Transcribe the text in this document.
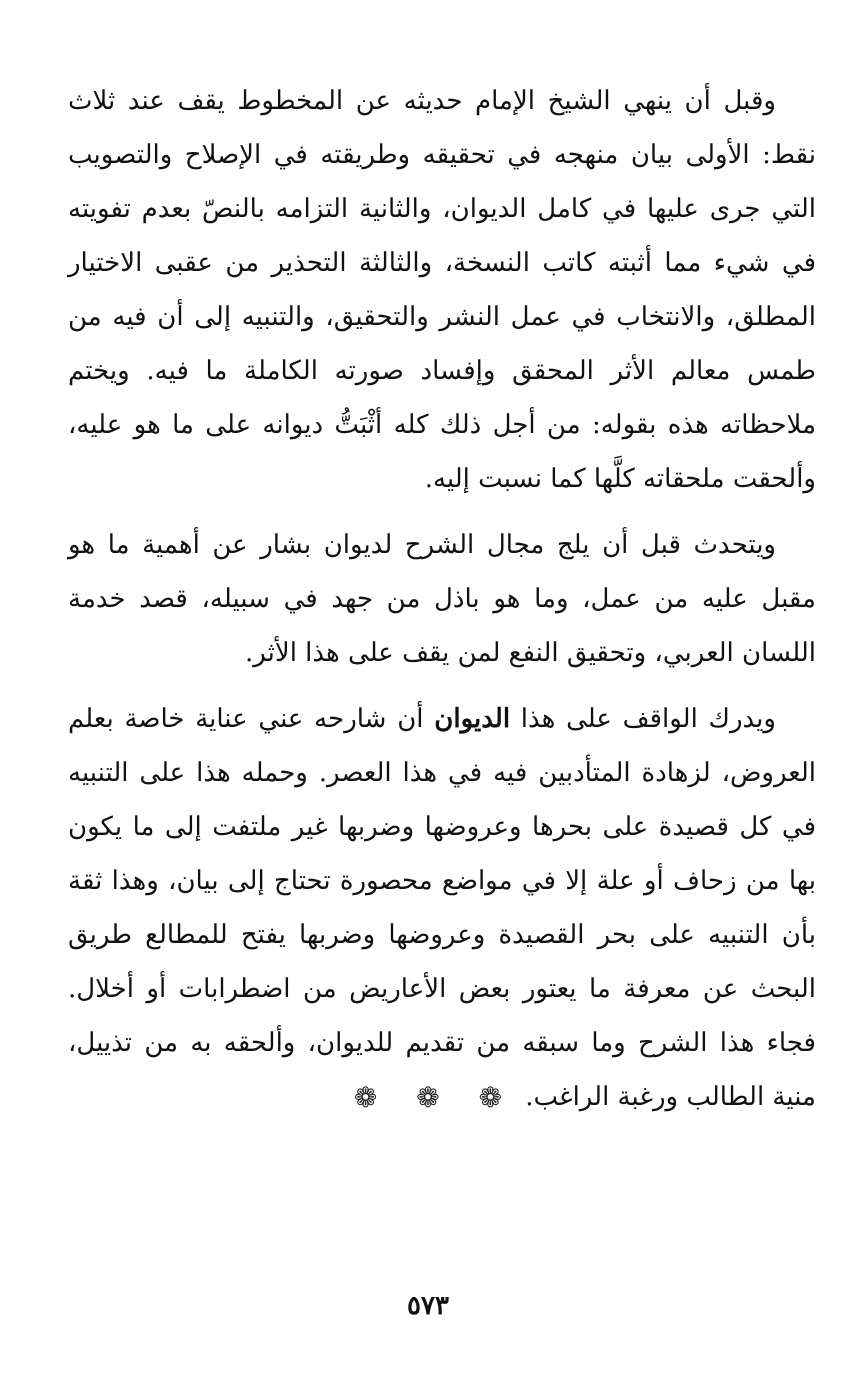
وقبل أن ينهي الشيخ الإمام حديثه عن المخطوط يقف عند ثلاث نقط: الأولى بيان منهجه في تحقيقه وطريقته في الإصلاح والتصويب التي جرى عليها في كامل الديوان، والثانية التزامه بالنصّ بعدم تفويته في شيء مما أثبته كاتب النسخة، والثالثة التحذير من عقبى الاختيار المطلق، والانتخاب في عمل النشر والتحقيق، والتنبيه إلى أن فيه من طمس معالم الأثر المحقق وإفساد صورته الكاملة ما فيه. ويختم ملاحظاته هذه بقوله: من أجل ذلك كله أثْبَتُّ ديوانه على ما هو عليه، وألحقت ملحقاته كلَّها كما نسبت إليه.

ويتحدث قبل أن يلج مجال الشرح لديوان بشار عن أهمية ما هو مقبل عليه من عمل، وما هو باذل من جهد في سبيله، قصد خدمة اللسان العربي، وتحقيق النفع لمن يقف على هذا الأثر.

ويدرك الواقف على هذا الديوان أن شارحه عني عناية خاصة بعلم العروض، لزهادة المتأدبين فيه في هذا العصر. وحمله هذا على التنبيه في كل قصيدة على بحرها وعروضها وضربها غير ملتفت إلى ما يكون بها من زحاف أو علة إلا في مواضع محصورة تحتاج إلى بيان، وهذا ثقة بأن التنبيه على بحر القصيدة وعروضها وضربها يفتح للمطالع طريق البحث عن معرفة ما يعتور بعض الأعاريض من اضطرابات أو أخلال. فجاء هذا الشرح وما سبقه من تقديم للديوان، وألحقه به من تذييل، منية الطالب ورغبة الراغب.

❁ ❁ ❁
٥٧٣
